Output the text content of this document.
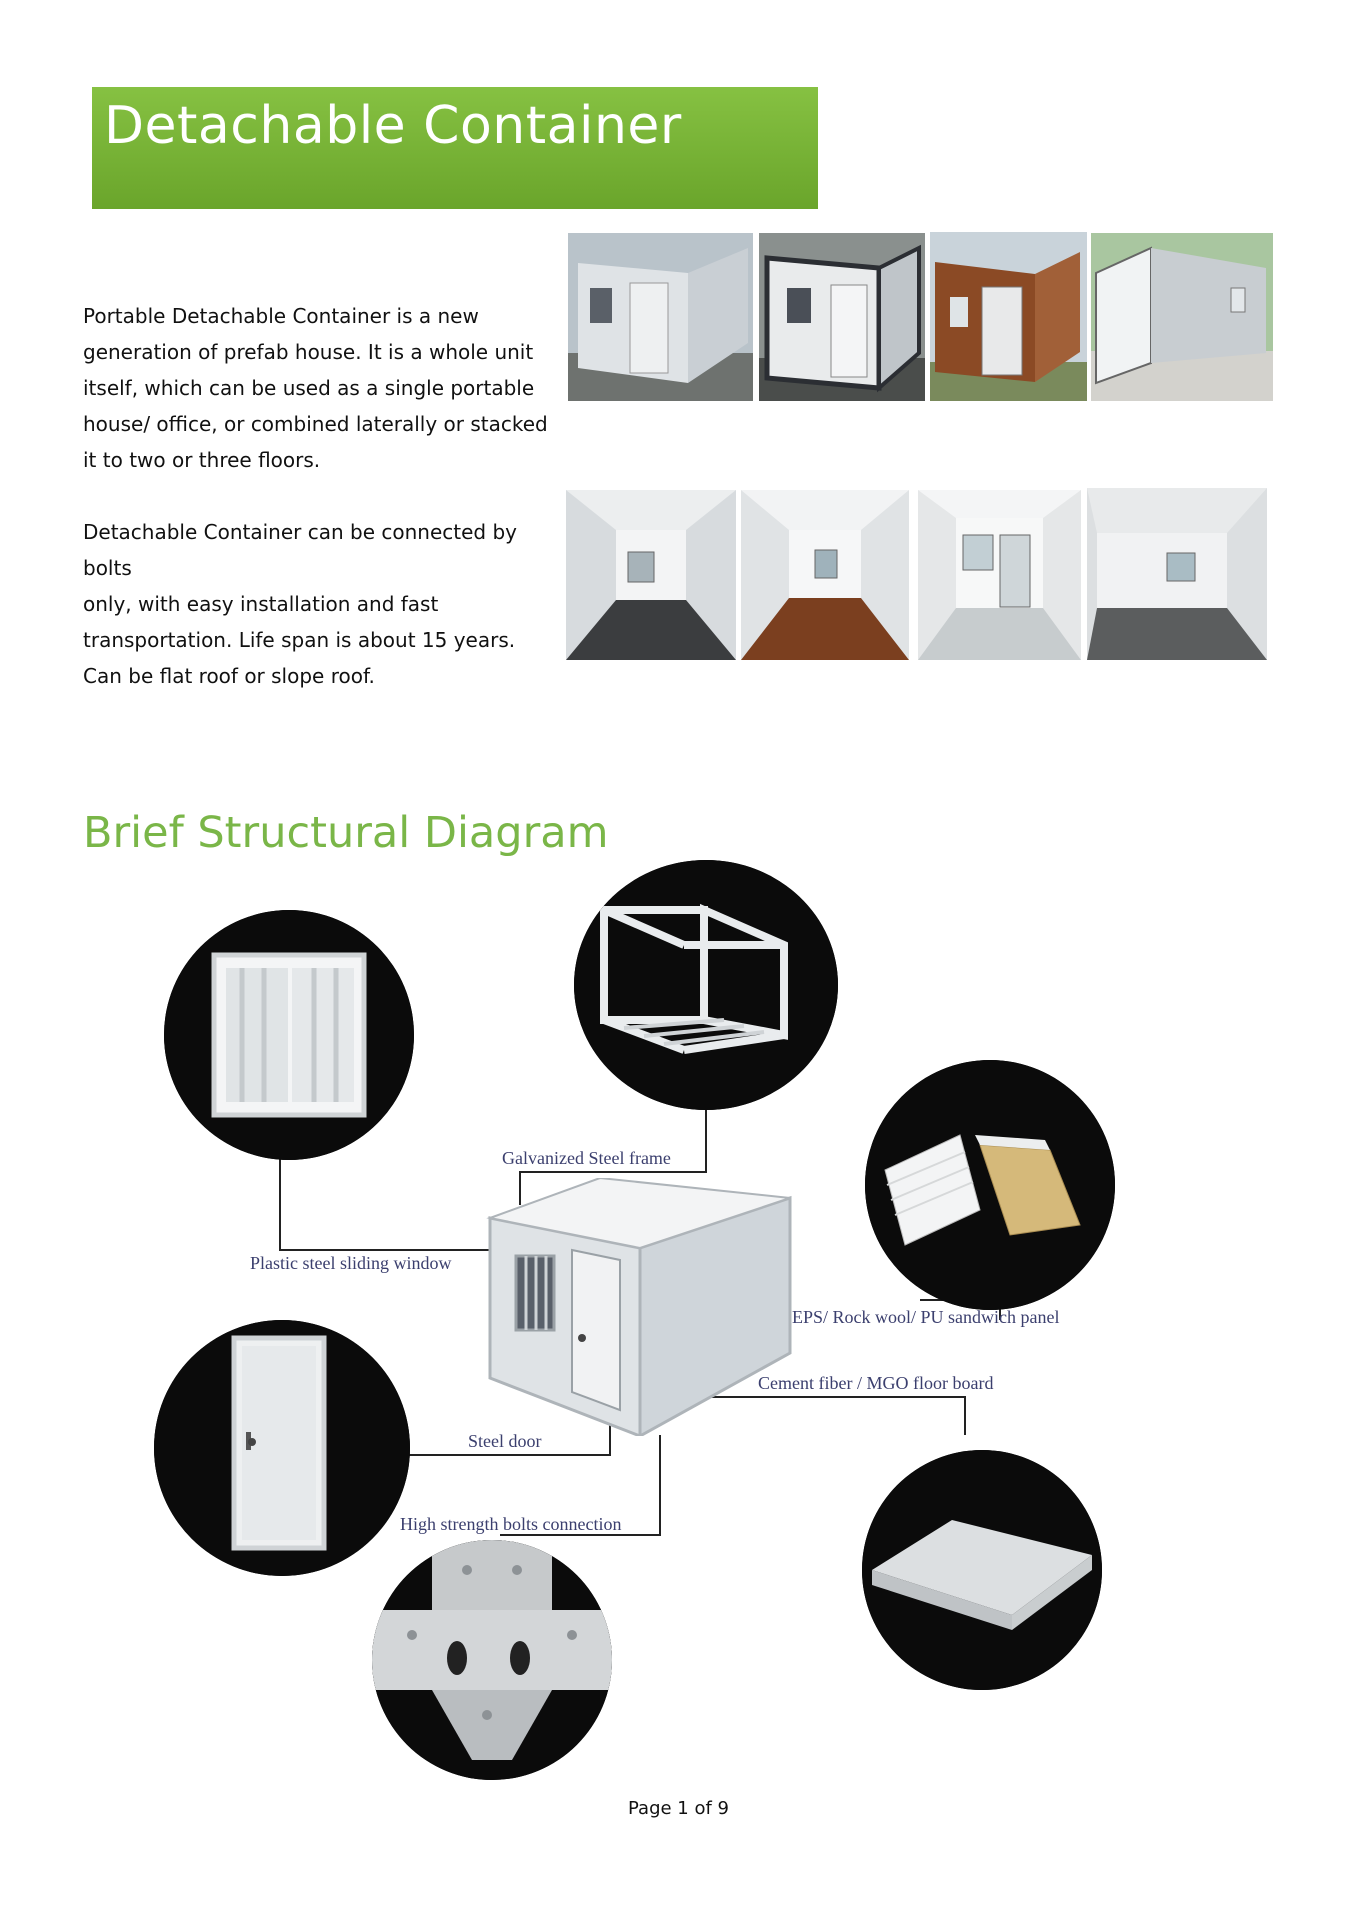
Detachable Container

Portable Detachable Container is a new

generation of prefab house. It is a whole unit

itself, which can be used as a single portable

house/ office, or combined laterally or stacked

it to two or three floors.

Detachable Container can be connected by bolts

only, with easy installation and fast

transportation. Life span is about 15 years.

Can be flat roof or slope roof.

Brief Structural Diagram
Galvanized Steel frame
Plastic steel sliding window
EPS/ Rock wool/ PU sandwich panel
Cement fiber / MGO floor board
Steel door
High strength bolts connection
Page 1 of 9
